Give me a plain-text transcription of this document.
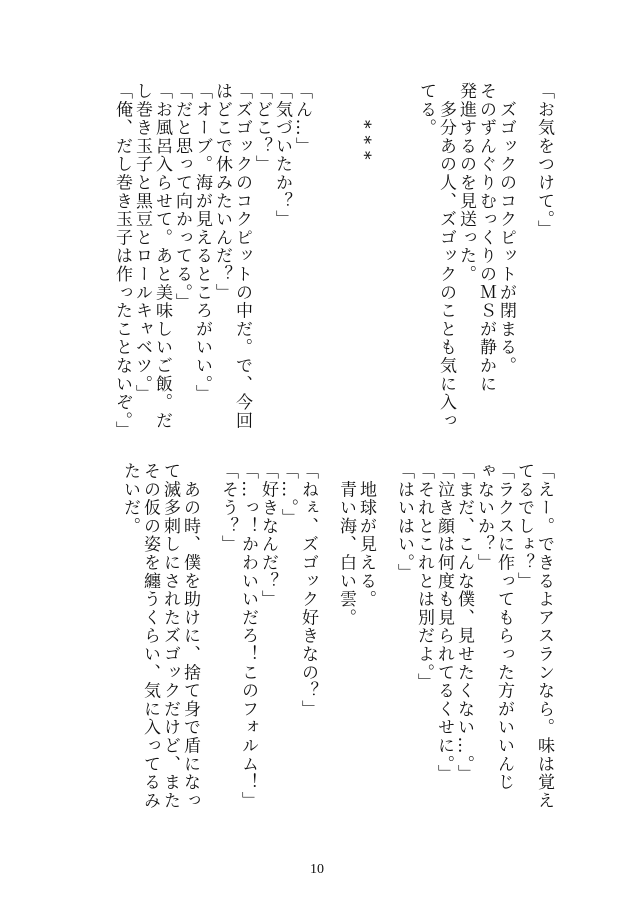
「お気をつけて。」
　ズゴックのコクピットが閉まる。
そのずんぐりむっくりのＭＳが静かに
発進するのを見送った。
　多分あの人、ズゴックのことも気に入っ
てる。
***
「ん…」
「気づいたか？」
「どこ？」
「ズゴックのコクピットの中だ。で、今回
はどこで休みたいんだ？」
「オーブ。海が見えるところがいい。」
「だと思って向かってる。」
「お風呂入らせて。あと美味しいご飯。だ
し巻き玉子と黒豆とロールキャベツ。」
「俺、だし巻き玉子は作ったことないぞ。」
「えー。できるよアスランなら。味は覚え
てるでしょ？」
「ラクスに作ってもらった方がいいんじ
ゃないか？」
「まだ、こんな僕、見せたくない…。」
「泣き顔は何度も見られてるくせに。」
「それとこれとは別だよ。」
「はいはい。」
　地球が見える。
　青い海、白い雲。
「ねぇ、ズゴック好きなの？」
「…。」
「好きなんだ？」
「…っ！かわいいだろ！このフォルム！」
「そう？」
　あの時、僕を助けに、捨て身で盾になっ
て滅多刺しにされたズゴックだけど、また
その仮の姿を纏うくらい、気に入ってるみ
たいだ。
10
